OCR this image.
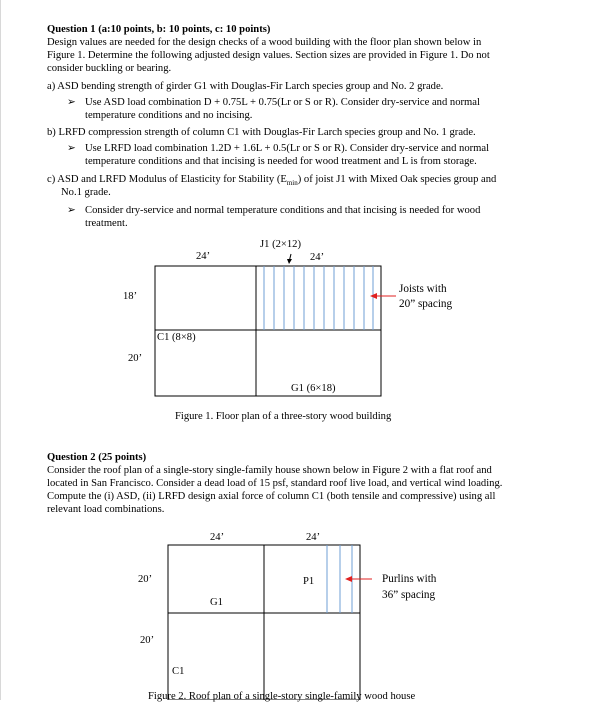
Question 1 (a:10 points, b: 10 points, c: 10 points)
Design values are needed for the design checks of a wood building with the floor plan shown below in
Figure 1. Determine the following adjusted design values. Section sizes are provided in Figure 1. Do not
consider buckling or bearing.
a) ASD bending strength of girder G1 with Douglas-Fir Larch species group and No. 2 grade.
➢ Use ASD load combination D + 0.75L + 0.75(Lr or S or R). Consider dry-service and normal
temperature conditions and no incising.
b) LRFD compression strength of column C1 with Douglas-Fir Larch species group and No. 1 grade.
➢ Use LRFD load combination 1.2D + 1.6L + 0.5(Lr or S or R). Consider dry-service and normal
temperature conditions and that incising is needed for wood treatment and L is from storage.
c) ASD and LRFD Modulus of Elasticity for Stability $(E_{min})$ of joist J1 with Mixed Oak species group and
No.1 grade.
➢ Consider dry-service and normal temperature conditions and that incising is needed for wood
treatment.
J1 (2×12)
24’	24’
18’
20’
C1 (8×8)
G1 (6×18)
Joists with
20” spacing
Figure 1. Floor plan of a three-story wood building
Question 2 (25 points)
Consider the roof plan of a single-story single-family house shown below in Figure 2 with a flat roof and
located in San Francisco. Consider a dead load of 15 psf, standard roof live load, and vertical wind loading.
Compute the (i) ASD, (ii) LRFD design axial force of column C1 (both tensile and compressive) using all
relevant load combinations.
24’	24’
20’
20’
P1
G1
C1
Purlins with
36” spacing
Figure 2. Roof plan of a single-story single-family wood house
